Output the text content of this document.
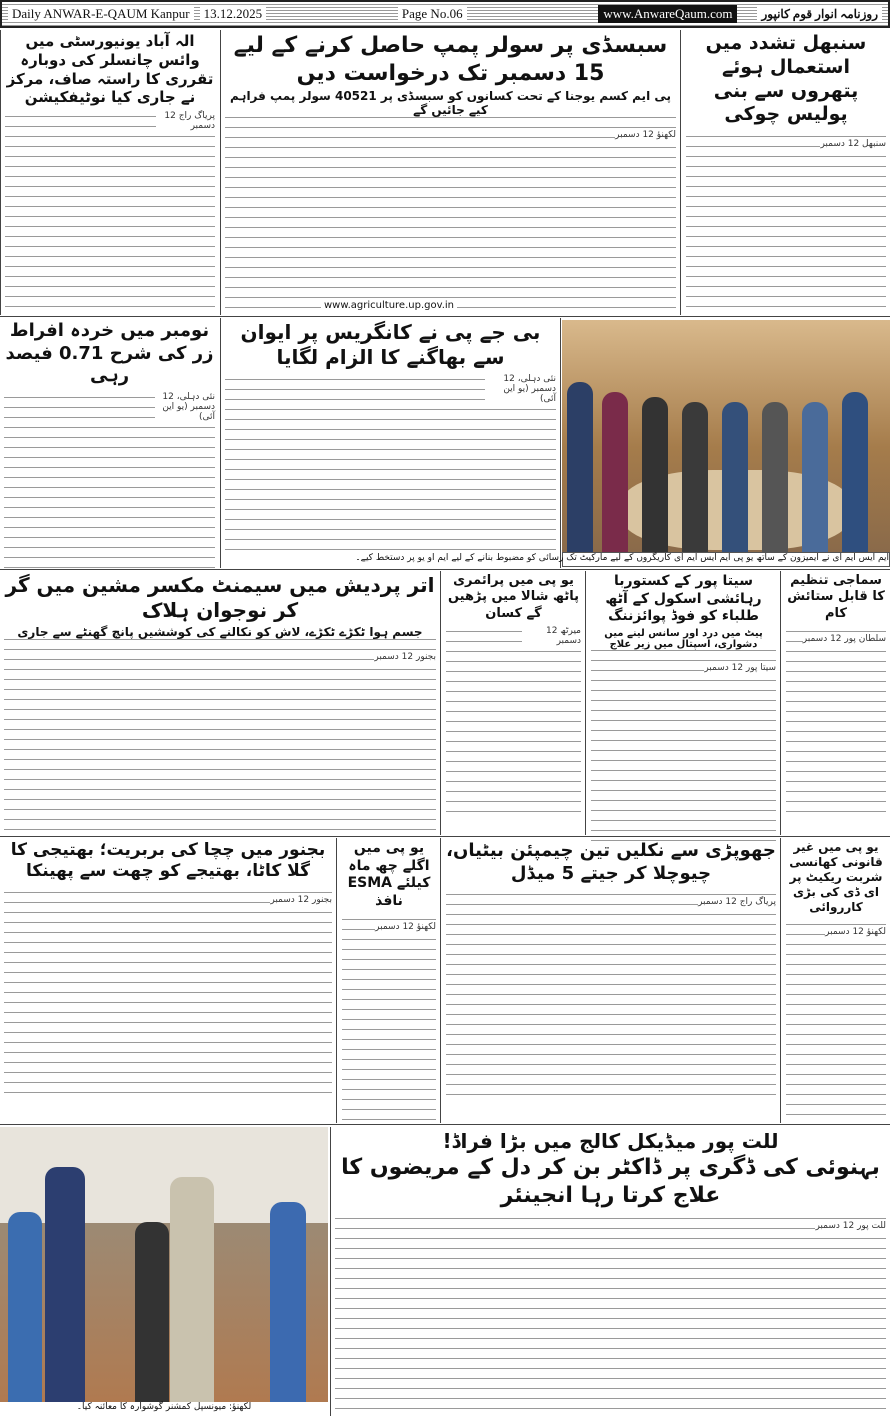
Daily ANWAR-E-QAUM Kanpur	13.12.2025	Page No.06	www.AnwareQaum.com	روزنامہ انوار قوم کانپور
الہ آباد یونیورسٹی میں وائس چانسلر کی دوبارہ تقرری کا راستہ صاف، مرکز نے جاری کیا نوٹیفکیشن
پریاگ راج 12 دسمبر
سبسڈی پر سولر پمپ حاصل کرنے کے لیے 15 دسمبر تک درخواست دیں
پی ایم کسم یوجنا کے تحت کسانوں کو سبسڈی پر 40521 سولر پمپ فراہم کیے جائیں گے
لکھنؤ 12 دسمبر
www.agriculture.up.gov.in
سنبھل تشدد میں استعمال ہوئے پتھروں سے بنی پولیس چوکی
سنبھل 12 دسمبر
نومبر میں خردہ افراط زر کی شرح 0.71 فیصد رہی
نئی دہلی، 12 دسمبر (یو این آئی)
بی جے پی نے کانگریس پر ایوان سے بھاگنے کا الزام لگایا
نئی دہلی، 12 دسمبر (یو این آئی)
ایم ایس ایم ای نے ایمیزون کے ساتھ یو پی ایم ایس ایم ای کاریگروں کے لیے مارکیٹ تک رسائی کو مضبوط بنانے کے لیے ایم او یو پر دستخط کیے۔
اتر پردیش میں سیمنٹ مکسر مشین میں گر کر نوجوان ہلاک
جسم ہوا ٹکڑے ٹکڑے، لاش کو نکالنے کی کوششیں پانچ گھنٹے سے جاری
بجنور 12 دسمبر
یو پی میں پرائمری پاٹھ شالا میں پڑھیں گے کسان
میرٹھ 12 دسمبر
سیتا پور کے کستوربا رہائشی اسکول کے آٹھ طلباء کو فوڈ پوائزننگ
پیٹ میں درد اور سانس لینے میں دشواری، اسپتال میں زیر علاج
سیتا پور 12 دسمبر
سماجی تنظیم کا قابل ستائش کام
سلطان پور 12 دسمبر
بجنور میں چچا کی بربریت؛ بھتیجی کا گلا کاٹا، بھتیجے کو چھت سے پھینکا
بجنور 12 دسمبر
یو پی میں اگلے چھ ماہ کیلئے ESMA نافذ
لکھنؤ 12 دسمبر
جھوپڑی سے نکلیں تین چیمپئن بیٹیاں، چیوچلا کر جیتے 5 میڈل
پریاگ راج 12 دسمبر
یو پی میں غیر قانونی کھانسی شربت ریکیٹ پر ای ڈی کی بڑی کارروائی
لکھنؤ 12 دسمبر
لکھنؤ: میونسپل کمشنر گوشوارہ کا معائنہ کیا۔
للت پور میڈیکل کالج میں بڑا فراڈ!
بہنوئی کی ڈگری پر ڈاکٹر بن کر دل کے مریضوں کا علاج کرتا رہا انجینئر
للت پور 12 دسمبر
